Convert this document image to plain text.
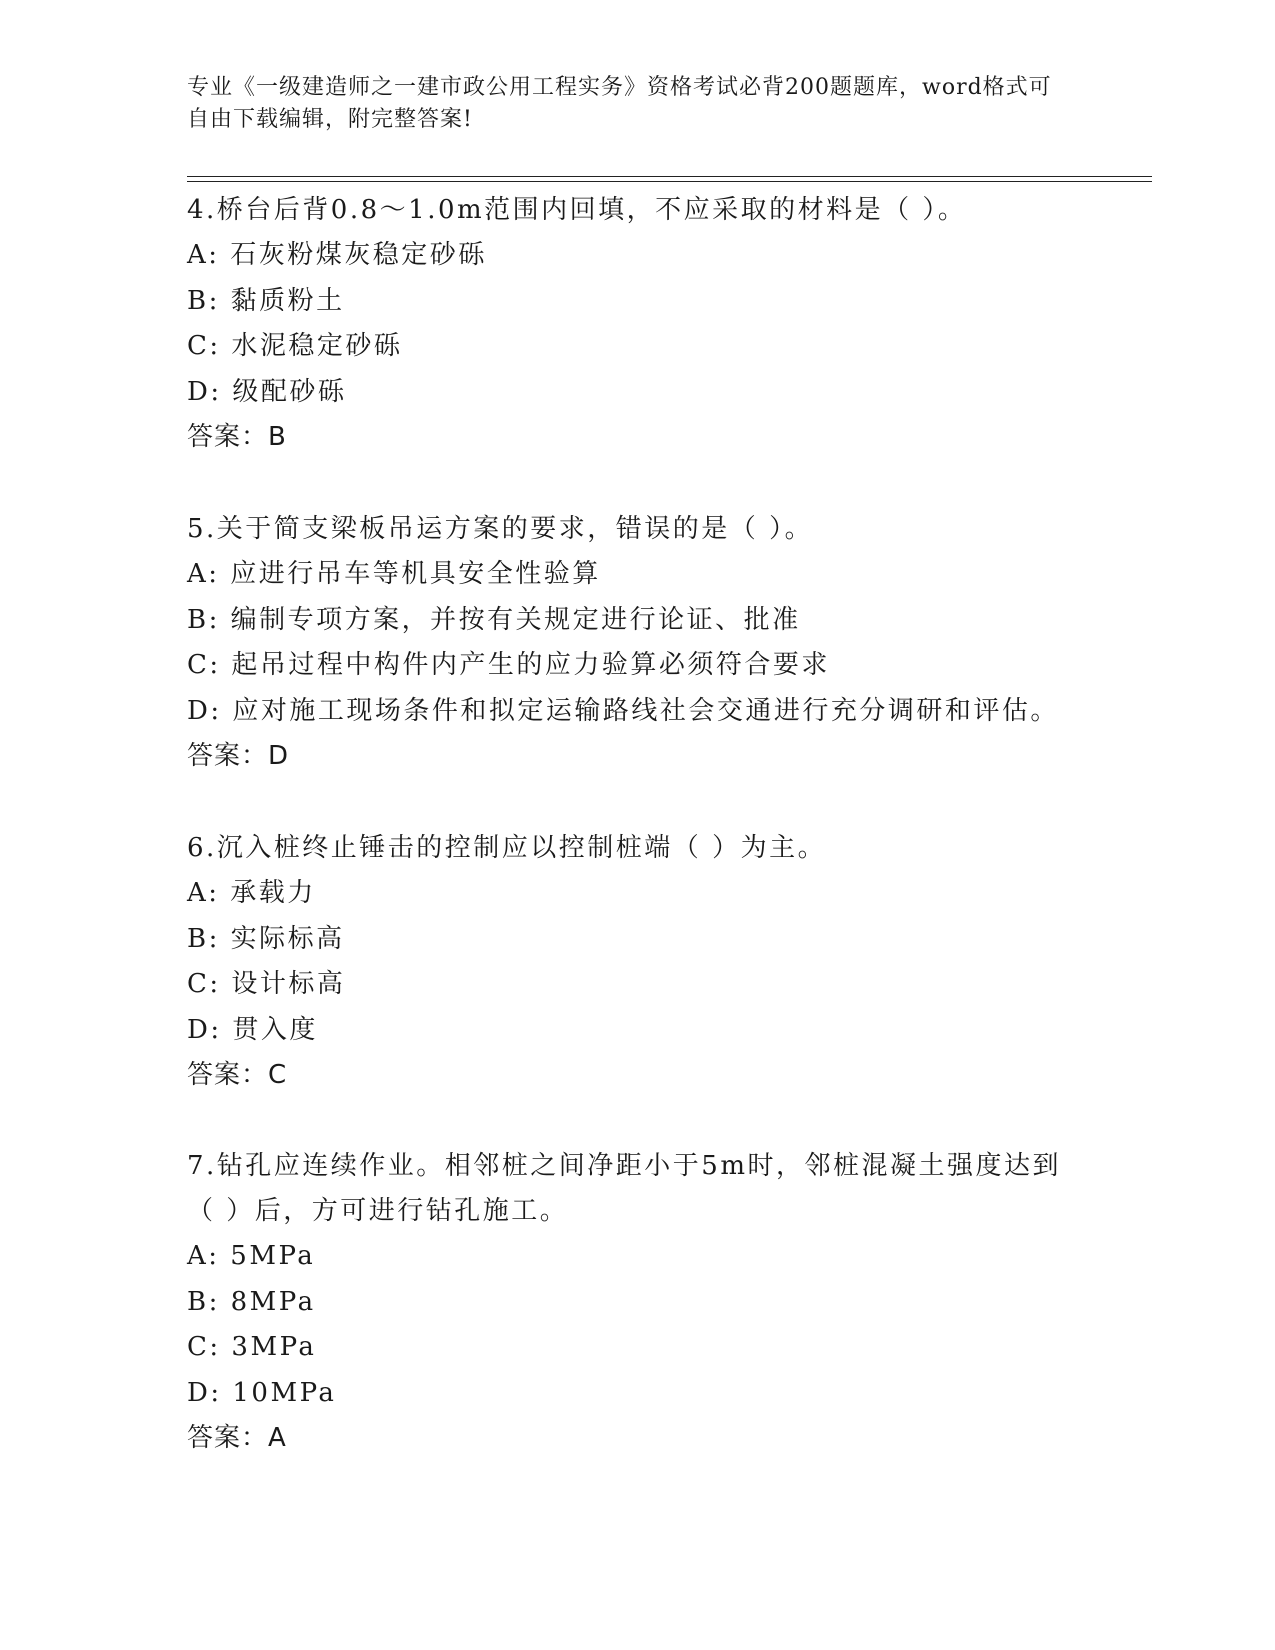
专业《一级建造师之一建市政公用工程实务》资格考试必背200题题库，word格式可自由下载编辑，附完整答案!
4.桥台后背0.8～1.0m范围内回填，不应采取的材料是（ ）。
A: 石灰粉煤灰稳定砂砾
B: 黏质粉土
C: 水泥稳定砂砾
D: 级配砂砾
答案：B
5.关于简支梁板吊运方案的要求，错误的是（ ）。
A: 应进行吊车等机具安全性验算
B: 编制专项方案，并按有关规定进行论证、批准
C: 起吊过程中构件内产生的应力验算必须符合要求
D: 应对施工现场条件和拟定运输路线社会交通进行充分调研和评估。
答案：D
6.沉入桩终止锤击的控制应以控制桩端（ ）为主。
A: 承载力
B: 实际标高
C: 设计标高
D: 贯入度
答案：C
7.钻孔应连续作业。相邻桩之间净距小于5m时，邻桩混凝土强度达到（ ）后，方可进行钻孔施工。
A: 5MPa
B: 8MPa
C: 3MPa
D: 10MPa
答案：A
